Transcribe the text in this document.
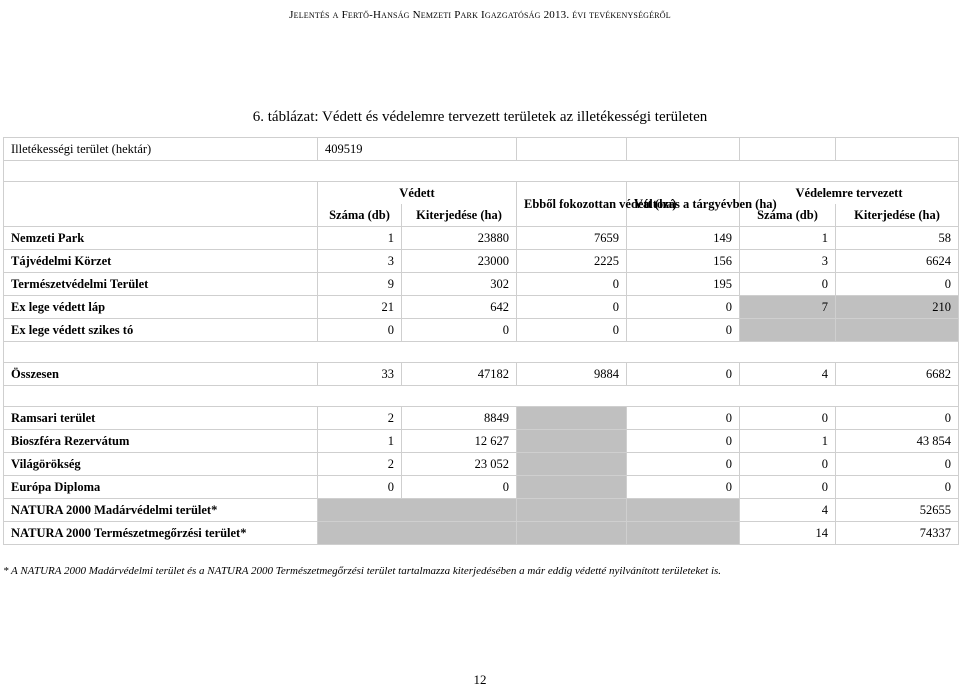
Jelentés a Fertő-Hanság Nemzeti Park Igazgatóság 2013. évi tevékenységéről
6. táblázat: Védett és védelemre tervezett területek az illetékességi területen
Illetékességi terület (hektár)	409519					

	Védett		Ebből fokozottan védett (ha)	Változás a tárgyévben (ha)	Védelemre tervezett	
	Száma (db)	Kiterjedése (ha)			Száma (db)	Kiterjedése (ha)
Nemzeti Park	1	23880	7659	149	1	58
Tájvédelmi Körzet	3	23000	2225	156	3	6624
Természetvédelmi Terület	9	302	0	195	0	0
Ex lege védett láp	21	642	0	0	7	210
Ex lege védett szikes tó	0	0	0	0		

Összesen	33	47182	9884	0	4	6682

Ramsari terület	2	8849		0	0	0
Bioszféra Rezervátum	1	12 627		0	1	43 854
Világörökség	2	23 052		0	0	0
Európa Diploma	0	0		0	0	0
NATURA 2000 Madárvédelmi terület*					4	52655
NATURA 2000 Természetmegőrzési terület*					14	74337
* A NATURA 2000 Madárvédelmi terület és a NATURA 2000 Természetmegőrzési terület tartalmazza kiterjedésében a már eddig védetté nyilvánított területeket is.
12
